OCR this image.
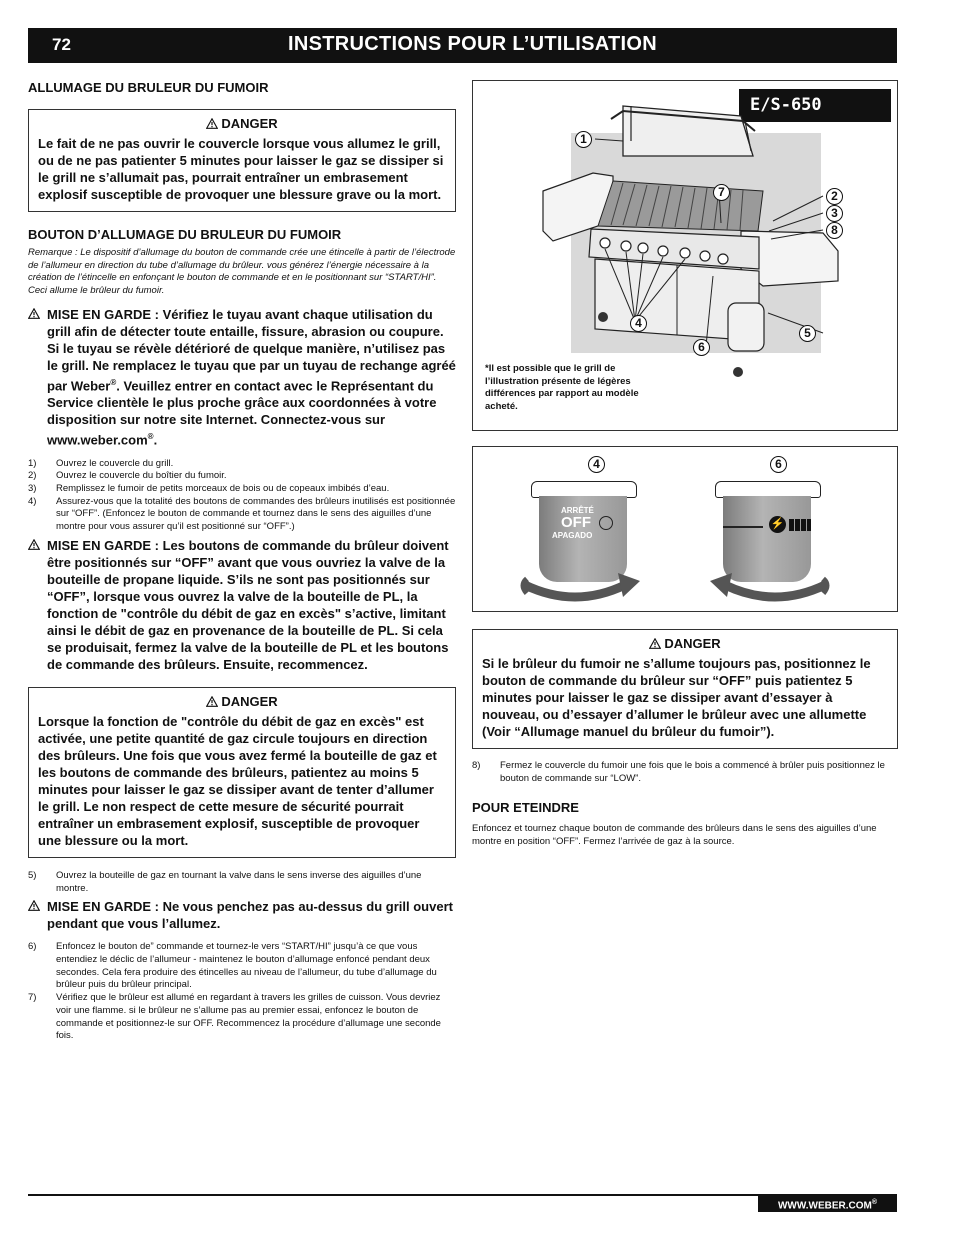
72	INSTRUCTIONS POUR L’UTILISATION
ALLUMAGE DU BRULEUR DU FUMOIR
DANGER
Le fait de ne pas ouvrir le couvercle lorsque vous allumez le grill, ou de ne pas patienter 5 minutes pour laisser le gaz se dissiper si le grill ne s’allumait pas, pourrait entraîner un embrasement explosif susceptible de provoquer une blessure grave ou la mort.
BOUTON D’ALLUMAGE DU BRULEUR DU FUMOIR
Remarque : Le dispositif d’allumage du bouton de commande crée une étincelle à partir de l’électrode de l’allumeur en direction du tube d’allumage du brûleur. vous générez l’énergie nécessaire à la création de l’étincelle en enfonçant le bouton de commande et en le positionnant sur “START/HI”. Ceci allume le brûleur du fumoir.
MISE EN GARDE : Vérifiez le tuyau avant chaque utilisation du grill afin de détecter toute entaille, fissure, abrasion ou coupure. Si le tuyau se révèle détérioré de quelque manière, n’utilisez pas le grill. Ne remplacez le tuyau que par un tuyau de rechange agréé par Weber®. Veuillez entrer en contact avec le Représentant du Service clientèle le plus proche grâce aux coordonnées à votre disposition sur notre site Internet. Connectez-vous sur www.weber.com®.
1) Ouvrez le couvercle du grill.
2) Ouvrez le couvercle du boîtier du fumoir.
3) Remplissez le fumoir de petits morceaux de bois ou de copeaux imbibés d’eau.
4) Assurez-vous que la totalité des boutons de commandes des brûleurs inutilisés est positionnée sur “OFF”. (Enfoncez le bouton de commande et tournez dans le sens des aiguilles d’une montre pour vous assurer qu’il est positionné sur “OFF”.)
MISE EN GARDE : Les boutons de commande du brûleur doivent être positionnés sur “OFF” avant que vous ouvriez la valve de la bouteille de propane liquide. S’ils ne sont pas positionnés sur “OFF”, lorsque vous ouvrez la valve de la bouteille de PL, la fonction de "contrôle du débit de gaz en excès" s’active, limitant ainsi le débit de gaz en provenance de la bouteille de PL. Si cela se produisait, fermez la valve de la bouteille de PL et les boutons de commande des brûleurs. Ensuite, recommencez.
DANGER
Lorsque la fonction de "contrôle du débit de gaz en excès" est activée, une petite quantité de gaz circule toujours en direction des brûleurs. Une fois que vous avez fermé la bouteille de gaz et les boutons de commande des brûleurs, patientez au moins 5 minutes pour laisser le gaz se dissiper avant de tenter d’allumer le grill. Le non respect de cette mesure de sécurité pourrait entraîner un embrasement explosif, susceptible de provoquer une blessure ou la mort.
5) Ouvrez la bouteille de gaz en tournant la valve dans le sens inverse des aiguilles d’une montre.
MISE EN GARDE : Ne vous penchez pas au-dessus du grill ouvert pendant que vous l’allumez.
6) Enfoncez le bouton de” commande et tournez-le vers “START/HI” jusqu’à ce que vous entendiez le déclic de l’allumeur - maintenez le bouton d’allumage enfoncé pendant deux secondes. Cela fera produire des étincelles au niveau de l’allumeur, du tube d’allumage du brûleur puis du brûleur principal.
7) Vérifiez que le brûleur est allumé en regardant à travers les grilles de cuisson. Vous devriez voir une flamme. si le brûleur ne s’allume pas au premier essai, enfoncez le bouton de commande et positionnez-le sur OFF. Recommencez la procédure d’allumage une seconde fois.
E/S-650
1
7	2
3
8
4
5
6
*Il est possible que le grill de l’illustration présente de légères différences par rapport au modèle acheté.
4	6
ARRÊTÉ
OFF
APAGADO
⚡
DANGER
Si le brûleur du fumoir ne s’allume toujours pas, positionnez le bouton de commande du brûleur sur “OFF” puis patientez 5 minutes pour laisser le gaz se dissiper avant d’essayer à nouveau, ou d’essayer d’allumer le brûleur avec une allumette (Voir “Allumage manuel du brûleur du fumoir”).
8) Fermez le couvercle du fumoir une fois que le bois a commencé à brûler puis positionnez le bouton de commande sur “LOW”.
POUR ETEINDRE
Enfoncez et tournez chaque bouton de commande des brûleurs dans le sens des aiguilles d’une montre en position “OFF”. Fermez l’arrivée de gaz à la source.
WWW.WEBER.COM®
